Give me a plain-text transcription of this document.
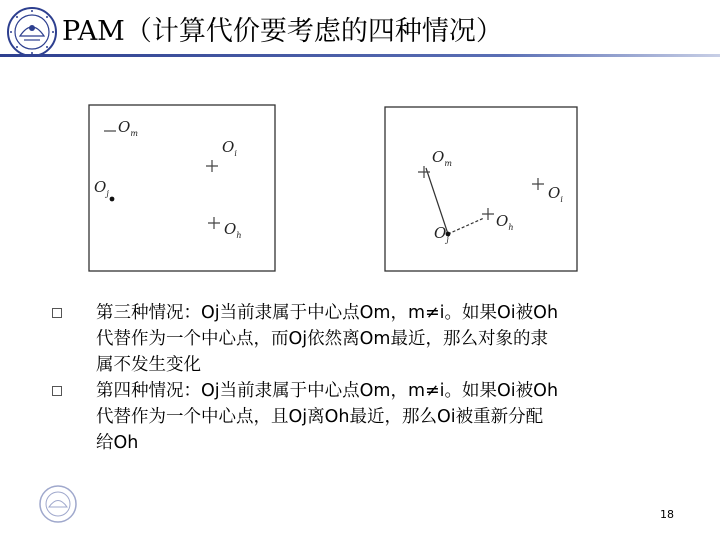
PAM（计算代价要考虑的四种情况）
$O_m$
$O_i$
$O_j$
$O_h$
$O_m$
$O_i$
$O_h$
$O_j$
第三种情况：Oj当前隶属于中心点Om，m≠i。如果Oi被Oh
代替作为一个中心点，而Oj依然离Om最近，那么对象的隶
属不发生变化
第四种情况：Oj当前隶属于中心点Om，m≠i。如果Oi被Oh
代替作为一个中心点，且Oj离Oh最近，那么Oi被重新分配
给Oh
18
